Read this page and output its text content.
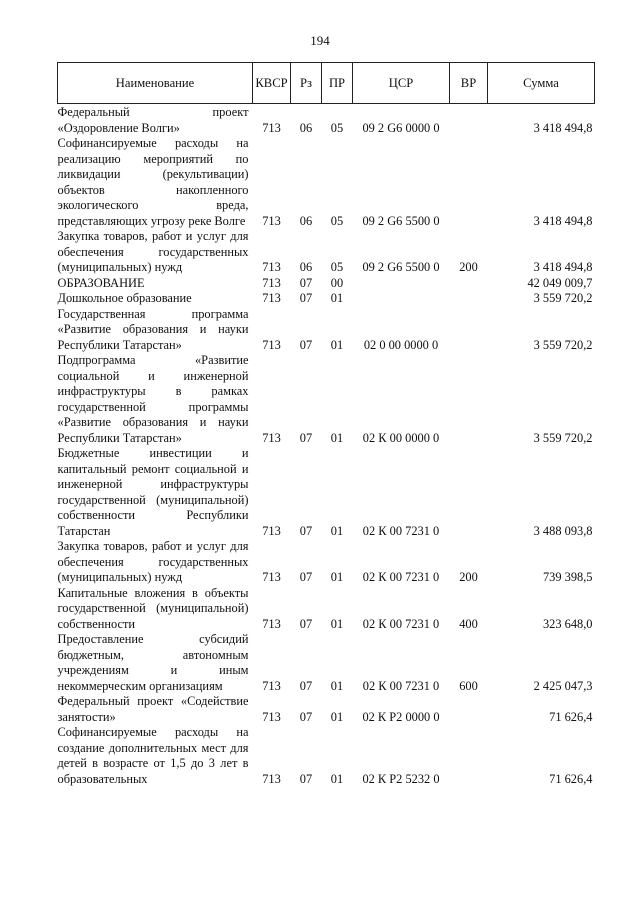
194
Наименование	КВСР	Рз	ПР	ЦСР	ВР	Сумма
Федеральный проект «Оздоровление Волги»	713	06	05	09 2 G6 0000 0		3 418 494,8
Софинансируемые расходы на реализацию мероприятий по ликвидации (рекультивации) объектов накопленного экологического вреда, представляющих угрозу реке Волге	713	06	05	09 2 G6 5500 0		3 418 494,8
Закупка товаров, работ и услуг для обеспечения государственных (муниципальных) нужд	713	06	05	09 2 G6 5500 0	200	3 418 494,8
ОБРАЗОВАНИЕ	713	07	00			42 049 009,7
Дошкольное образование	713	07	01			3 559 720,2
Государственная программа «Развитие образования и науки Республики Татарстан»	713	07	01	02 0 00 0000 0		3 559 720,2
Подпрограмма «Развитие социальной и инженерной инфраструктуры в рамках государственной программы «Развитие образования и науки Республики Татарстан»	713	07	01	02 К 00 0000 0		3 559 720,2
Бюджетные инвестиции и капитальный ремонт социальной и инженерной инфраструктуры государственной (муниципальной) собственности Республики Татарстан	713	07	01	02 К 00 7231 0		3 488 093,8
Закупка товаров, работ и услуг для обеспечения государственных (муниципальных) нужд	713	07	01	02 К 00 7231 0	200	739 398,5
Капитальные вложения в объекты государственной (муниципальной) собственности	713	07	01	02 К 00 7231 0	400	323 648,0
Предоставление субсидий бюджетным, автономным учреждениям и иным некоммерческим организациям	713	07	01	02 К 00 7231 0	600	2 425 047,3
Федеральный проект «Содействие занятости»	713	07	01	02 К Р2 0000 0		71 626,4
Софинансируемые расходы на создание дополнительных мест для детей в возрасте от 1,5 до 3 лет в образовательных	713	07	01	02 К Р2 5232 0		71 626,4
